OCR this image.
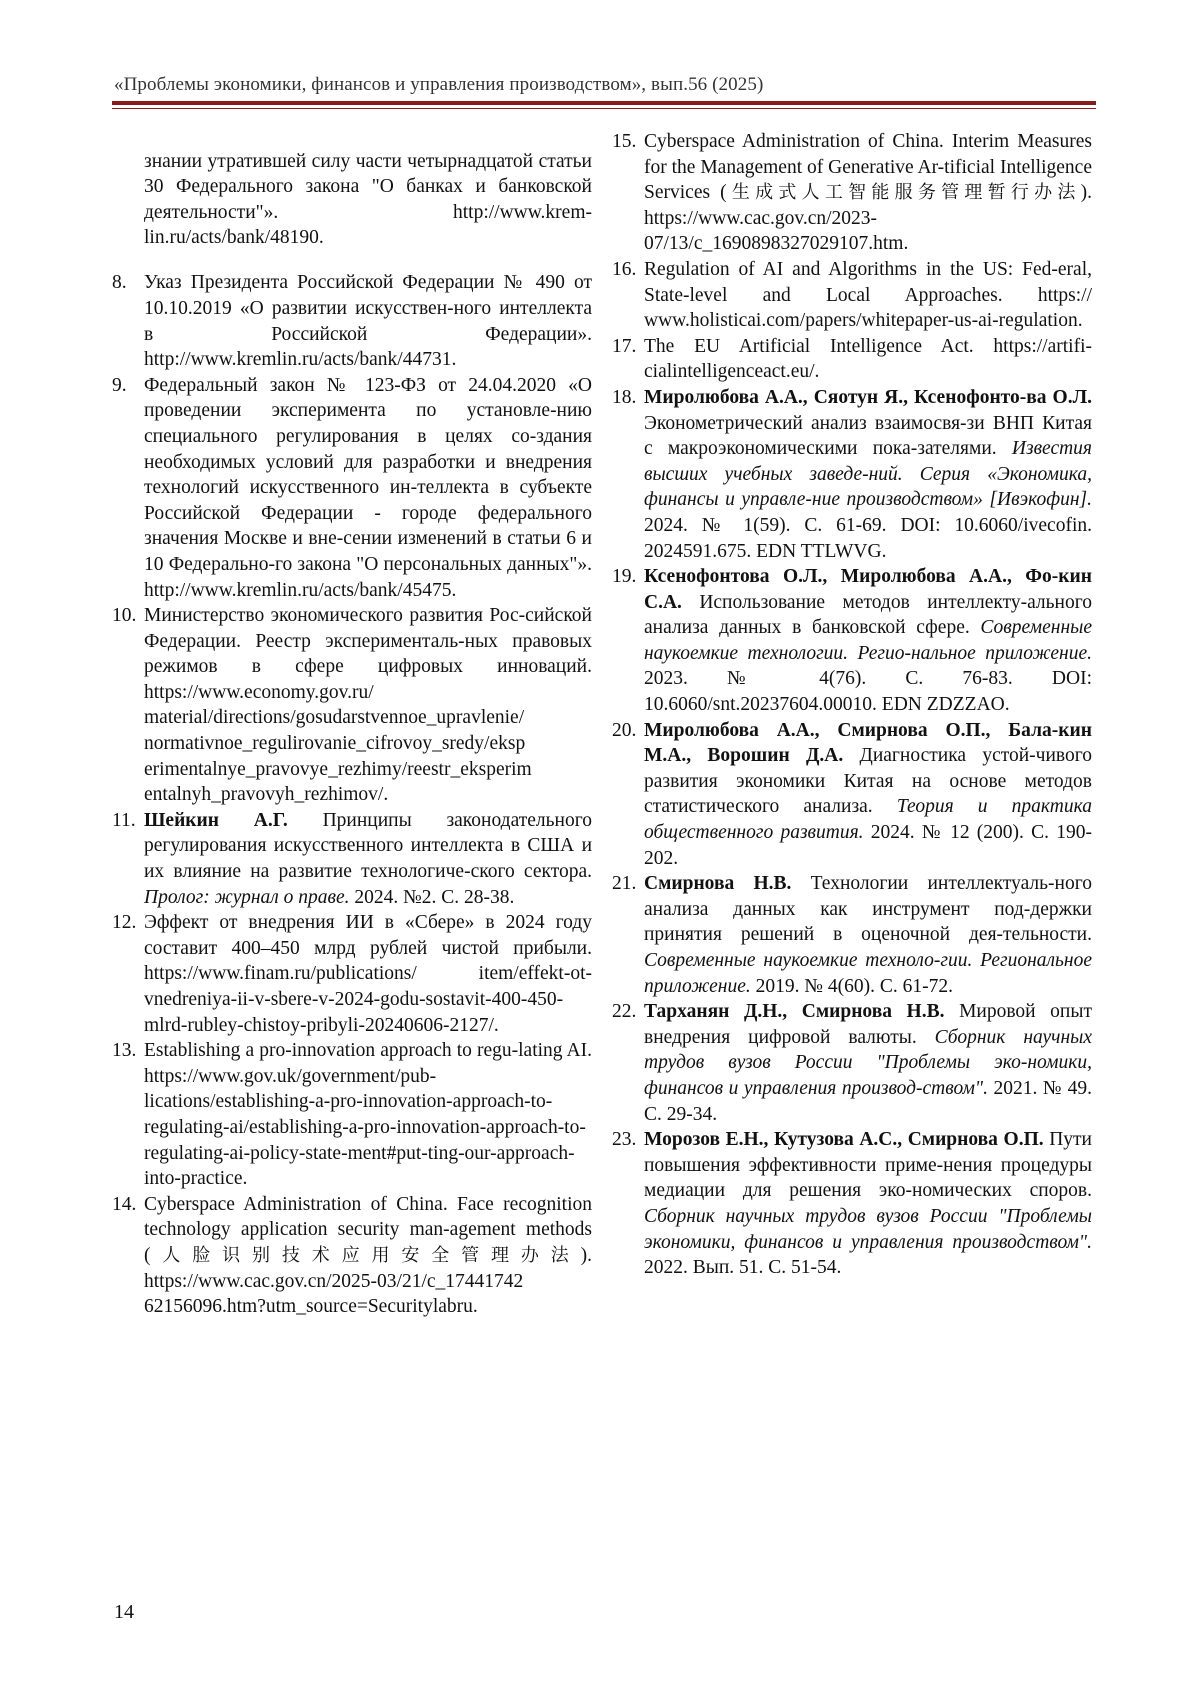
«Проблемы экономики, финансов и управления производством», вып.56 (2025)

знании утратившей силу части четырнадцатой статьи 30 Федерального закона "О банках и банковской деятельности"». http://www.krem-lin.ru/acts/bank/48190.

8. Указ Президента Российской Федерации № 490 от 10.10.2019 «О развитии искусствен-ного интеллекта в Российской Федерации». http://www.kremlin.ru/acts/bank/44731.
9. Федеральный закон № 123-ФЗ от 24.04.2020 «О проведении эксперимента по установле-нию специального регулирования в целях со-здания необходимых условий для разработки и внедрения технологий искусственного ин-теллекта в субъекте Российской Федерации - городе федерального значения Москве и вне-сении изменений в статьи 6 и 10 Федерально-го закона "О персональных данных"». http://www.kremlin.ru/acts/bank/45475.
10. Министерство экономического развития Рос-сийской Федерации. Реестр эксперименталь-ных правовых режимов в сфере цифровых инноваций. https://www.economy.gov.ru/ material/directions/gosudarstvennoe_upravlenie/ normativnoe_regulirovanie_cifrovoy_sredy/eksp erimentalnye_pravovye_rezhimy/reestr_eksperim entalnyh_pravovyh_rezhimov/.
11. Шейкин А.Г. Принципы законодательного регулирования искусственного интеллекта в США и их влияние на развитие технологиче-ского сектора. Пролог: журнал о праве. 2024. №2. С. 28-38.
12. Эффект от внедрения ИИ в «Сбере» в 2024 году составит 400–450 млрд рублей чистой прибыли. https://www.finam.ru/publications/ item/effekt-ot-vnedreniya-ii-v-sbere-v-2024-godu-sostavit-400-450-mlrd-rubley-chistoy-pribyli-20240606-2127/.
13. Establishing a pro-innovation approach to regu-lating AI. https://www.gov.uk/government/pub-lications/establishing-a-pro-innovation-approach-to-regulating-ai/establishing-a-pro-innovation-approach-to-regulating-ai-policy-state-ment#put-ting-our-approach-into-practice.
14. Cyberspace Administration of China. Face recognition technology application security man-agement methods (人脸识别技术应用安全管理办法). https://www.cac.gov.cn/2025-03/21/c_17441742 62156096.htm?utm_source=Securitylabru.
15. Cyberspace Administration of China. Interim Measures for the Management of Generative Ar-tificial Intelligence Services (生成式人工智能服务管理暂行办法). https://www.cac.gov.cn/2023-07/13/c_1690898327029107.htm.
16. Regulation of AI and Algorithms in the US: Fed-eral, State-level and Local Approaches. https:// www.holisticai.com/papers/whitepaper-us-ai-regulation.
17. The EU Artificial Intelligence Act. https://artifi-cialintelligenceact.eu/.
18. Миролюбова А.А., Сяотун Я., Ксенофонто-ва О.Л. Эконометрический анализ взаимосвя-зи ВНП Китая с макроэкономическими пока-зателями. Известия высших учебных заведе-ний. Серия «Экономика, финансы и управле-ние производством» [Ивэкофин]. 2024. № 1(59). С. 61-69. DOI: 10.6060/ivecofin. 2024591.675. EDN TTLWVG.
19. Ксенофонтова О.Л., Миролюбова А.А., Фо-кин С.А. Использование методов интеллекту-ального анализа данных в банковской сфере. Современные наукоемкие технологии. Регио-нальное приложение. 2023. № 4(76). С. 76-83. DOI: 10.6060/snt.20237604.00010. EDN ZDZZAO.
20. Миролюбова А.А., Смирнова О.П., Бала-кин М.А., Ворошин Д.А. Диагностика устой-чивого развития экономики Китая на основе методов статистического анализа. Теория и практика общественного развития. 2024. № 12 (200). С. 190-202.
21. Смирнова Н.В. Технологии интеллектуаль-ного анализа данных как инструмент под-держки принятия решений в оценочной дея-тельности. Современные наукоемкие техноло-гии. Региональное приложение. 2019. № 4(60). С. 61-72.
22. Тарханян Д.Н., Смирнова Н.В. Мировой опыт внедрения цифровой валюты. Сборник научных трудов вузов России "Проблемы эко-номики, финансов и управления производ-ством". 2021. № 49. С. 29-34.
23. Морозов Е.Н., Кутузова А.С., Смирнова О.П. Пути повышения эффективности приме-нения процедуры медиации для решения эко-номических споров. Сборник научных трудов вузов России "Проблемы экономики, финансов и управления производством". 2022. Вып. 51. С. 51-54.
14
